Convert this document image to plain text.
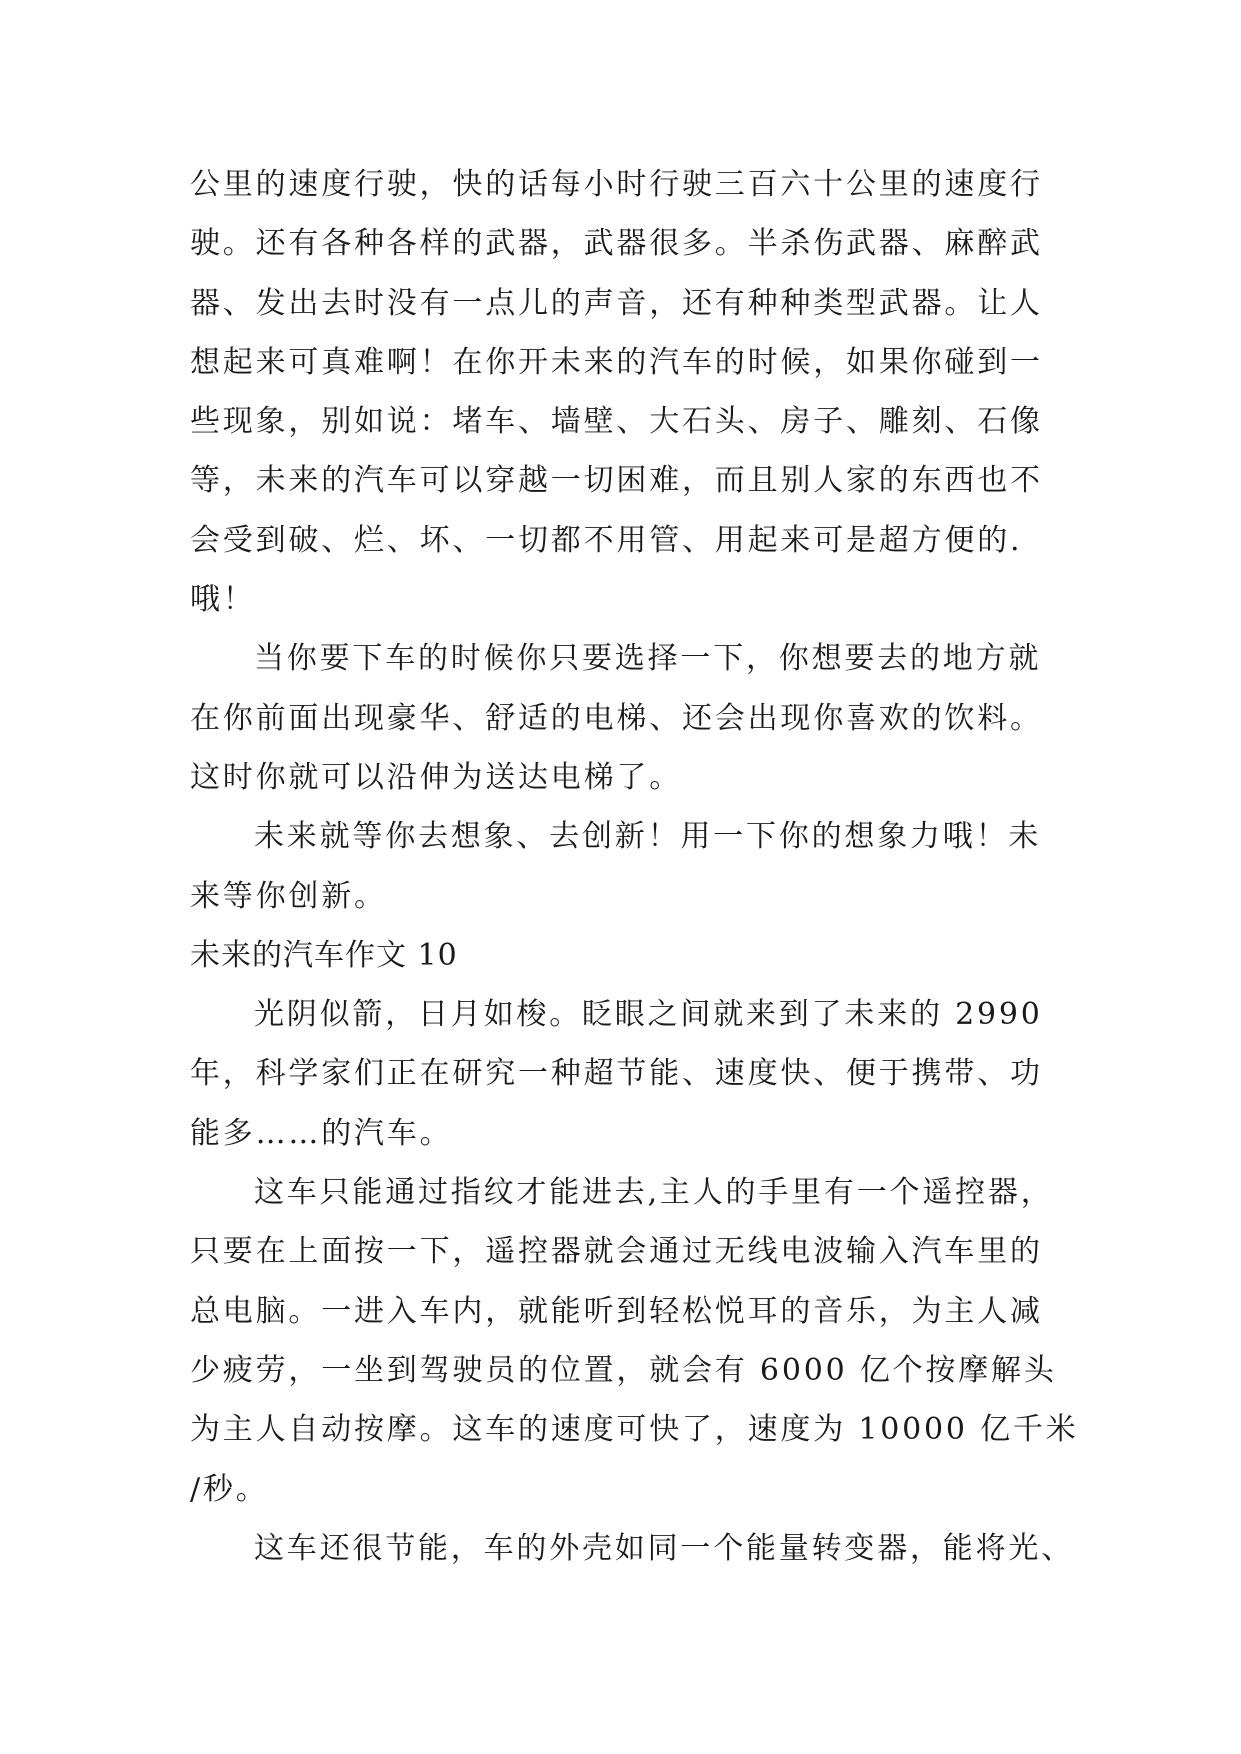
公里的速度行驶，快的话每小时行驶三百六十公里的速度行
驶。还有各种各样的武器，武器很多。半杀伤武器、麻醉武
器、发出去时没有一点儿的声音，还有种种类型武器。让人
想起来可真难啊！在你开未来的汽车的时候，如果你碰到一
些现象，别如说：堵车、墙壁、大石头、房子、雕刻、石像
等，未来的汽车可以穿越一切困难，而且别人家的东西也不
会受到破、烂、坏、一切都不用管、用起来可是超方便的.
哦！
当你要下车的时候你只要选择一下，你想要去的地方就
在你前面出现豪华、舒适的电梯、还会出现你喜欢的饮料。
这时你就可以沿伸为送达电梯了。
未来就等你去想象、去创新！用一下你的想象力哦！未
来等你创新。
未来的汽车作文 10
光阴似箭，日月如梭。眨眼之间就来到了未来的 2990
年，科学家们正在研究一种超节能、速度快、便于携带、功
能多……的汽车。
这车只能通过指纹才能进去,主人的手里有一个遥控器，
只要在上面按一下，遥控器就会通过无线电波输入汽车里的
总电脑。一进入车内，就能听到轻松悦耳的音乐，为主人减
少疲劳，一坐到驾驶员的位置，就会有 6000 亿个按摩解头
为主人自动按摩。这车的速度可快了，速度为 10000 亿千米
/秒。
这车还很节能，车的外壳如同一个能量转变器，能将光、
